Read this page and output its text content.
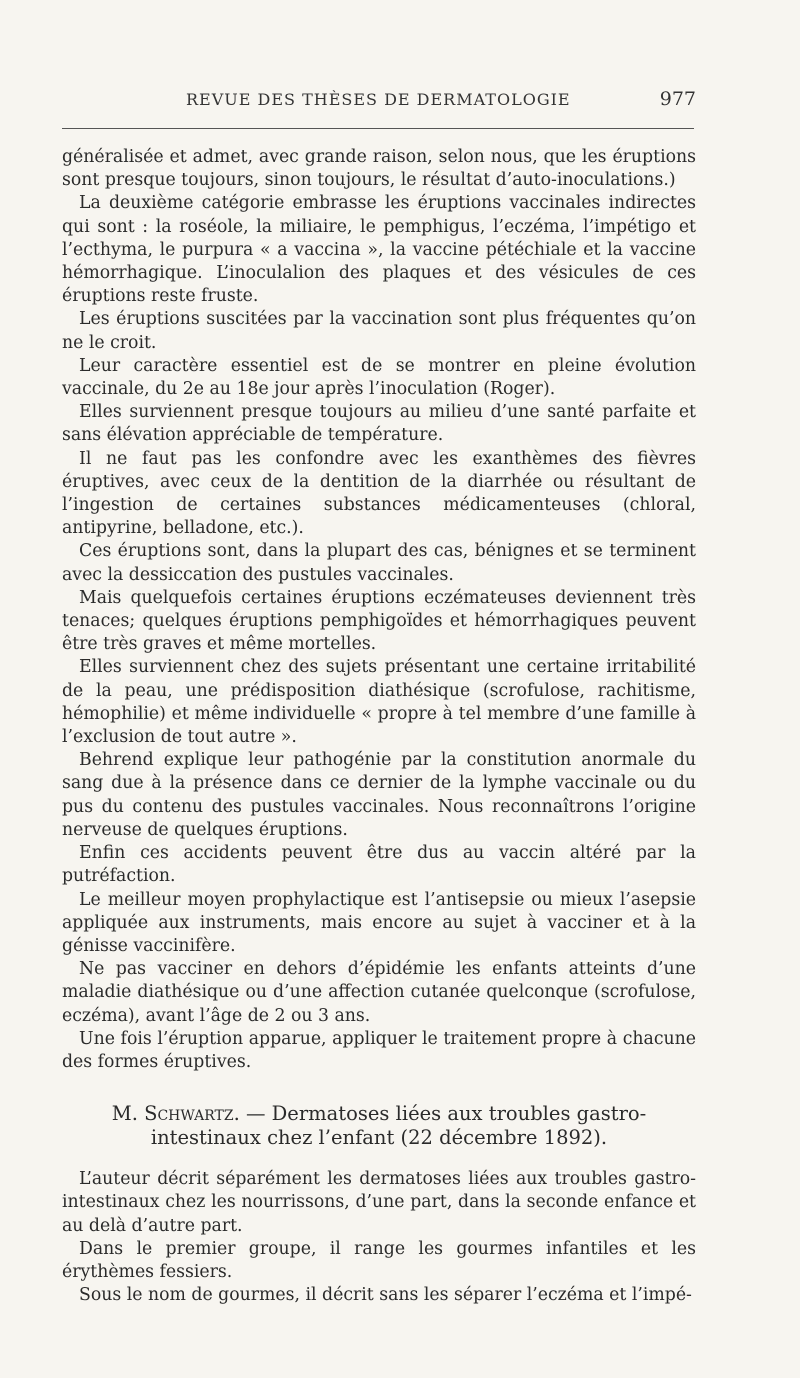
REVUE DES THÈSES DE DERMATOLOGIE	977

généralisée et admet, avec grande raison, selon nous, que les éruptions sont presque toujours, sinon toujours, le résultat d’auto-inoculations.)

La deuxième catégorie embrasse les éruptions vaccinales indirectes qui sont : la roséole, la miliaire, le pemphigus, l’eczéma, l’impétigo et l’ecthyma, le purpura « a vaccina », la vaccine pétéchiale et la vaccine hémorrhagique. L’inoculalion des plaques et des vésicules de ces éruptions reste fruste.

Les éruptions suscitées par la vaccination sont plus fréquentes qu’on ne le croit.

Leur caractère essentiel est de se montrer en pleine évolution vaccinale, du 2e au 18e jour après l’inoculation (Roger).

Elles surviennent presque toujours au milieu d’une santé parfaite et sans élévation appréciable de température.

Il ne faut pas les confondre avec les exanthèmes des fièvres éruptives, avec ceux de la dentition de la diarrhée ou résultant de l’ingestion de certaines substances médicamenteuses (chloral, antipyrine, belladone, etc.).

Ces éruptions sont, dans la plupart des cas, bénignes et se terminent avec la dessiccation des pustules vaccinales.

Mais quelquefois certaines éruptions eczémateuses deviennent très tenaces; quelques éruptions pemphigoïdes et hémorrhagiques peuvent être très graves et même mortelles.

Elles surviennent chez des sujets présentant une certaine irritabilité de la peau, une prédisposition diathésique (scrofulose, rachitisme, hémophilie) et même individuelle « propre à tel membre d’une famille à l’exclusion de tout autre ».

Behrend explique leur pathogénie par la constitution anormale du sang due à la présence dans ce dernier de la lymphe vaccinale ou du pus du contenu des pustules vaccinales. Nous reconnaîtrons l’origine nerveuse de quelques éruptions.

Enfin ces accidents peuvent être dus au vaccin altéré par la putréfaction.

Le meilleur moyen prophylactique est l’antisepsie ou mieux l’asepsie appliquée aux instruments, mais encore au sujet à vacciner et à la génisse vaccinifère.

Ne pas vacciner en dehors d’épidémie les enfants atteints d’une maladie diathésique ou d’une affection cutanée quelconque (scrofulose, eczéma), avant l’âge de 2 ou 3 ans.

Une fois l’éruption apparue, appliquer le traitement propre à chacune des formes éruptives.

M. Schwartz. — Dermatoses liées aux troubles gastro-intestinaux chez l’enfant (22 décembre 1892).

L’auteur décrit séparément les dermatoses liées aux troubles gastro-intestinaux chez les nourrissons, d’une part, dans la seconde enfance et au delà d’autre part.

Dans le premier groupe, il range les gourmes infantiles et les érythèmes fessiers.

Sous le nom de gourmes, il décrit sans les séparer l’eczéma et l’impé-
